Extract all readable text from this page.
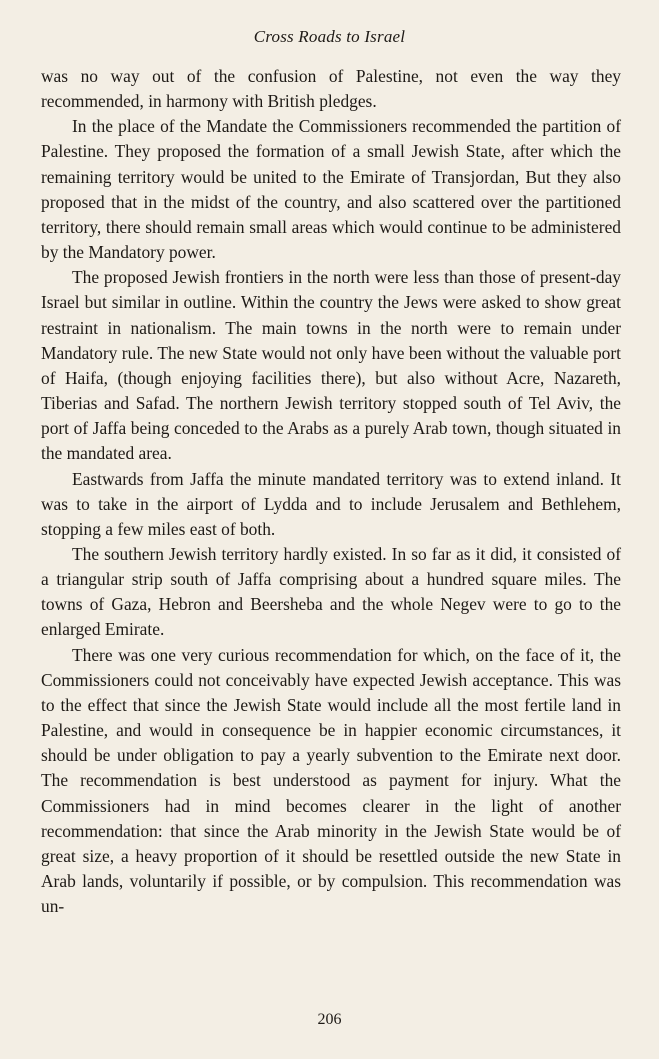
Cross Roads to Israel

was no way out of the confusion of Palestine, not even the way they recommended, in harmony with British pledges.

In the place of the Mandate the Commissioners recommended the partition of Palestine. They proposed the formation of a small Jewish State, after which the remaining territory would be united to the Emirate of Transjordan, But they also proposed that in the midst of the country, and also scattered over the partitioned territory, there should remain small areas which would continue to be administered by the Mandatory power.

The proposed Jewish frontiers in the north were less than those of present-day Israel but similar in outline. Within the country the Jews were asked to show great restraint in nationalism. The main towns in the north were to remain under Mandatory rule. The new State would not only have been without the valuable port of Haifa, (though enjoying facilities there), but also without Acre, Nazareth, Tiberias and Safad. The northern Jewish territory stopped south of Tel Aviv, the port of Jaffa being conceded to the Arabs as a purely Arab town, though situated in the mandated area.

Eastwards from Jaffa the minute mandated territory was to extend inland. It was to take in the airport of Lydda and to include Jerusalem and Bethlehem, stopping a few miles east of both.

The southern Jewish territory hardly existed. In so far as it did, it consisted of a triangular strip south of Jaffa comprising about a hundred square miles. The towns of Gaza, Hebron and Beersheba and the whole Negev were to go to the enlarged Emirate.

There was one very curious recommendation for which, on the face of it, the Commissioners could not conceivably have expected Jewish acceptance. This was to the effect that since the Jewish State would include all the most fertile land in Palestine, and would in consequence be in happier economic circumstances, it should be under obligation to pay a yearly subvention to the Emirate next door. The recommendation is best understood as payment for injury. What the Commissioners had in mind becomes clearer in the light of another recommendation: that since the Arab minority in the Jewish State would be of great size, a heavy proportion of it should be resettled outside the new State in Arab lands, voluntarily if possible, or by compulsion. This recommendation was un-

206
